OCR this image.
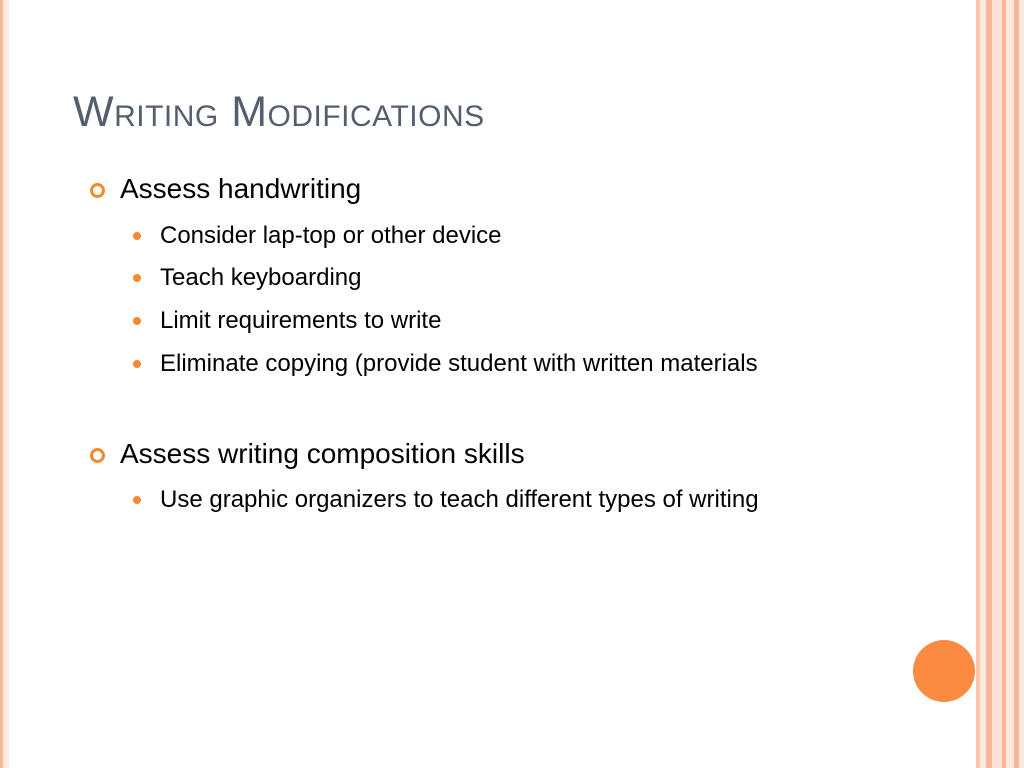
Writing Modifications
Assess handwriting
Consider lap-top or other device
Teach keyboarding
Limit requirements to write
Eliminate copying (provide student with written materials
Assess writing composition skills
Use graphic organizers to teach different types of writing
